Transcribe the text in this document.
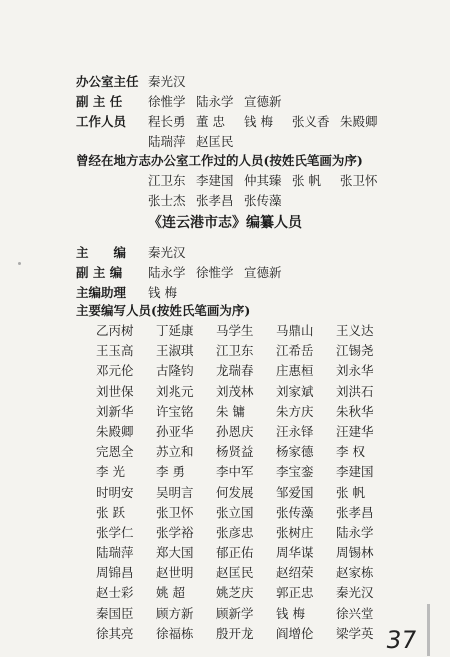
办公室主任 秦光汉
副 主 任 徐惟学 陆永学 宣德新
工作人员 程长勇 董 忠 钱 梅 张义香 朱殿卿
陆瑞萍 赵匡民
曾经在地方志办公室工作过的人员(按姓氏笔画为序)
江卫东 李建国 仲其臻 张 帆 张卫怀
张士杰 张孝昌 张传藻
《连云港市志》编纂人员
主　　编 秦光汉
副 主 编 陆永学 徐惟学 宣德新
主编助理 钱 梅
主要编写人员(按姓氏笔画为序)
乙丙树 丁延康 马学生 马鼎山 王义达
王玉高 王淑琪 江卫东 江希岳 江锡尧
邓元伦 古隆钧 龙瑞春 庄惠桓 刘永华
刘世保 刘兆元 刘茂林 刘家斌 刘洪石
刘新华 许宝铭 朱 镛 朱方庆 朱秋华
朱殿卿 孙亚华 孙恩庆 汪永铎 汪建华
完恩全 苏立和 杨贤益 杨家德 李 权
李 光 李 勇 李中军 李宝銮 李建国
时明安 吴明言 何发展 邹爱国 张 帆
张 跃 张卫怀 张立国 张传藻 张孝昌
张学仁 张学裕 张彦忠 张树庄 陆永学
陆瑞萍 郑大国 郁正佑 周华谋 周锡林
周锦昌 赵世明 赵匡民 赵绍荣 赵家栋
赵士彩 姚 超 姚芝庆 郭正忠 秦光汉
秦国臣 顾方新 顾新学 钱 梅 徐兴堂
徐其亮 徐福栋 殷开龙 阎增伦 梁学英 37
